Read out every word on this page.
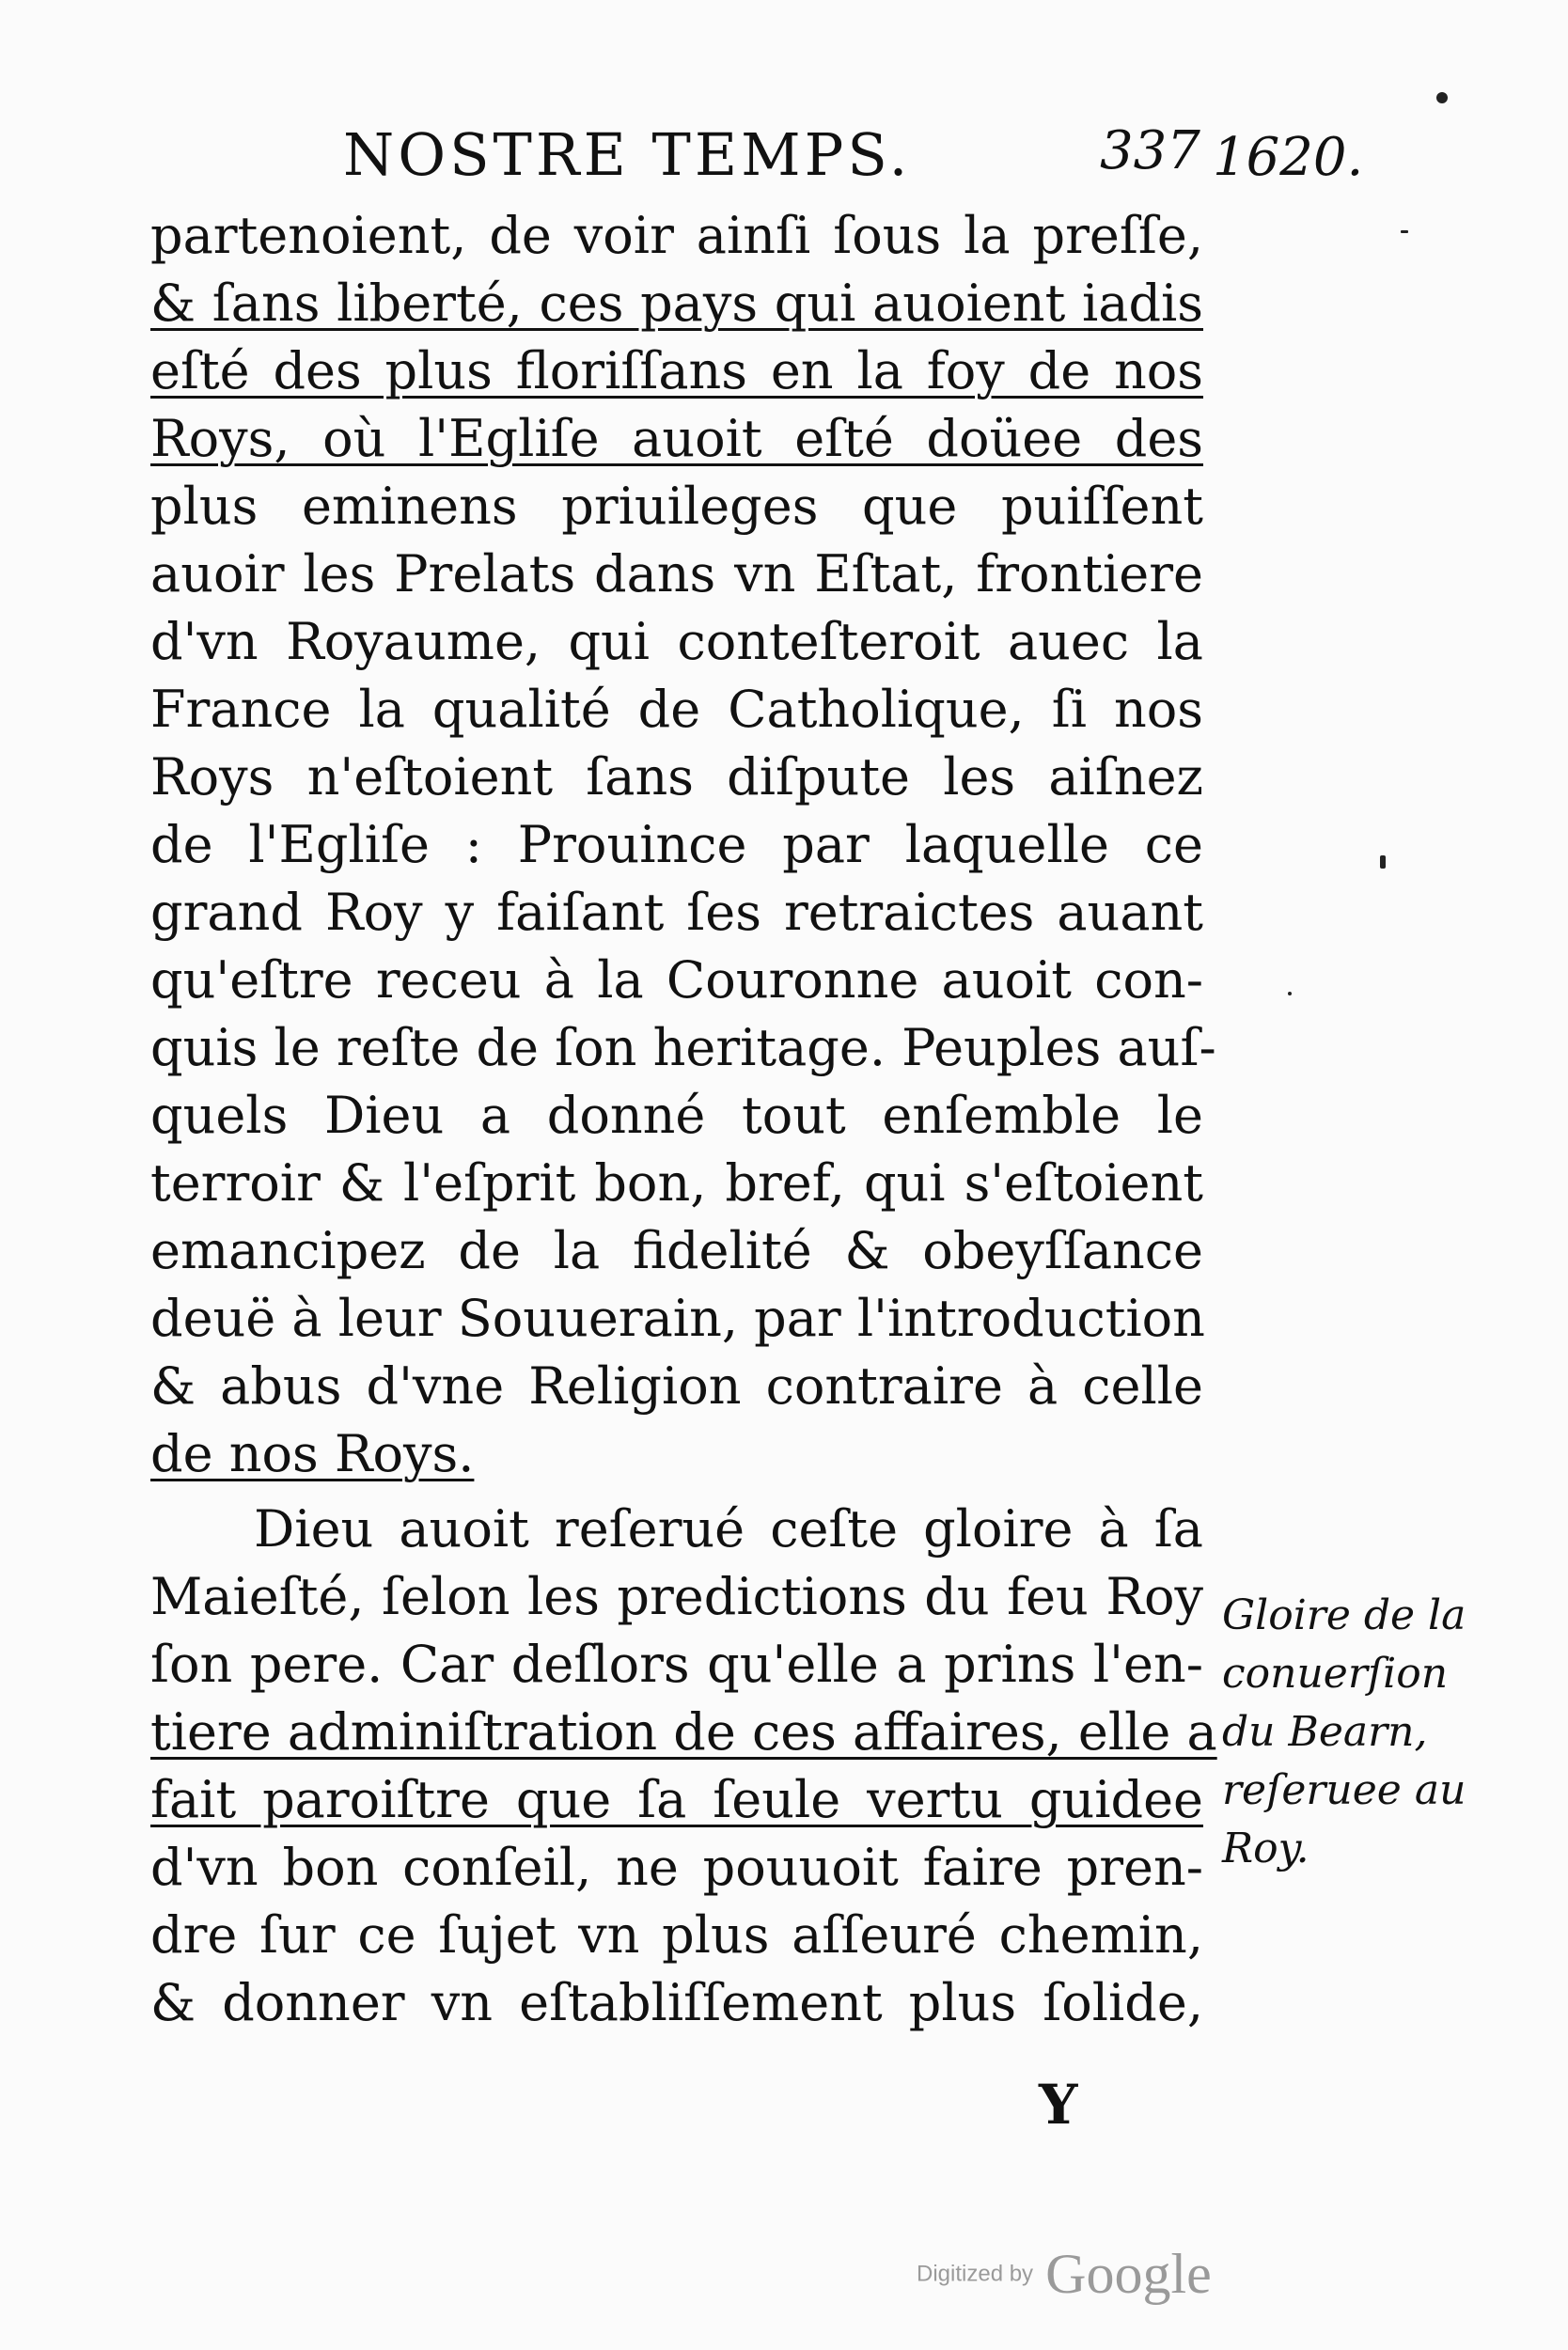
NOSTRE TEMPS.	337 1620.
partenoient, de voir ainſi ſous la preſſe,
& ſans liberté, ces pays qui auoient iadis
eſté des plus floriſſans en la foy de nos
Roys, où l'Egliſe auoit eſté doüee des
plus eminens priuileges que puiſſent
auoir les Prelats dans vn Eſtat, frontiere
d'vn Royaume, qui conteſteroit auec la
France la qualité de Catholique, ſi nos
Roys n'eſtoient ſans diſpute les aiſnez
de l'Egliſe : Prouince par laquelle ce
grand Roy y faiſant ſes retraictes auant
qu'eſtre receu à la Couronne auoit con-
quis le reſte de ſon heritage. Peuples auſ-
quels Dieu a donné tout enſemble le
terroir & l'eſprit bon, bref, qui s'eſtoient
emancipez de la fidelité & obeyſſance
deuë à leur Souuerain, par l'introduction
& abus d'vne Religion contraire à celle
de nos Roys.
Dieu auoit reſerué ceſte gloire à ſa
Maieſté, ſelon les predictions du feu Roy
ſon pere. Car deſlors qu'elle a prins l'en-
tiere adminiſtration de ces affaires, elle a
fait paroiſtre que ſa ſeule vertu guidee
d'vn bon conſeil, ne pouuoit faire pren-
dre ſur ce ſujet vn plus aſſeuré chemin,
& donner vn eſtabliſſement plus ſolide,
Gloire de la
conuerſion
du Bearn,
reſeruee au
Roy.
Y
Digitized by Google
